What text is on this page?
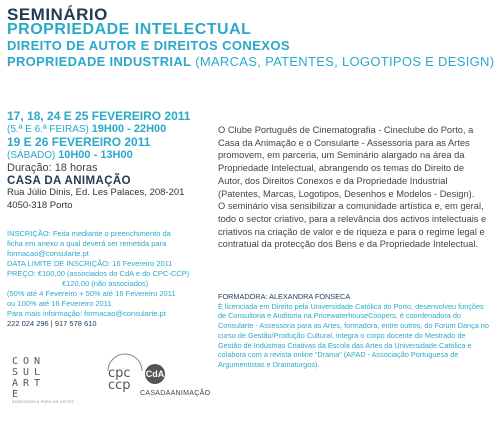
SEMINÁRIO
PROPRIEDADE INTELECTUAL
DIREITO DE AUTOR E DIREITOS CONEXOS
PROPRIEDADE INDUSTRIAL (MARCAS, PATENTES, LOGOTIPOS E DESIGN)
17, 18, 24 E 25 FEVEREIRO 2011
(5.ª E 6.ª FEIRAS) 19H00 - 22H00
19 E 26 FEVEREIRO 2011
(SÁBADO) 10H00 - 13H00
Duração: 18 horas
CASA DA ANIMAÇÃO
Rua Júlio Dinis, Ed. Les Palaces, 208-201
4050-318 Porto
INSCRIÇÃO: Feita mediante o preenchimento da
ficha em anexo a qual deverá ser remetida para
formacao@consularte.pt
DATA LIMITE DE INSCRIÇÃO: 16 Fevereiro 2011
PREÇO: €100,00 (associados do CdA e do CPC-CCP)
€120,00 (não associados)
(50% até 4 Fevereiro + 50% até 16 Fevereiro 2011
ou 100% até 16 Fevereiro 2011
Para mais informação: formacao@consularte.pt
222 024 296 | 917 578 610

O Clube Português de Cinematografia - Cineclube do Porto, a Casa da Animação e o Consularte - Assessoria para as Artes promovem, em parceria, um Seminário alargado na área da Propriedade Intelectual, abrangendo os temas do Direito de Autor, dos Direitos Conexos e da Propriedade Industrial (Patentes, Marcas, Logotipos, Desenhos e Modelos - Design).

O seminário visa sensibilizar a comunidade artística e, em geral, todo o sector criativo, para a relevância dos activos intelectuais e criativos na criação de valor e de riqueza e para o regime legal e contratual da protecção dos Bens e da Propriedade Intelectual.

FORMADORA: ALEXANDRA FONSECA

É licenciada em Direito pela Universidade Católica do Porto, desenvolveu funções de Consultoria e Auditoria na PricewaterhouseCoopers, é coordenadora do Consularte - Assessoria para as Artes, formadora, entre outros, do Forum Dança no curso de Gestão/Produção Cultural, integra o corpo docente do Mestrado de Gestão de Indústrias Criativas da Escola das Artes da Universidade Católica e colabora com a revista online “Drama” (APAD - Associação Portuguesa de Argumentistas e Dramaturgos).

CON
SUL
ART
E
ASSESSORIA PARA AS ARTES
cpc
ccp
CdA
CASADAANIMAÇÃO
